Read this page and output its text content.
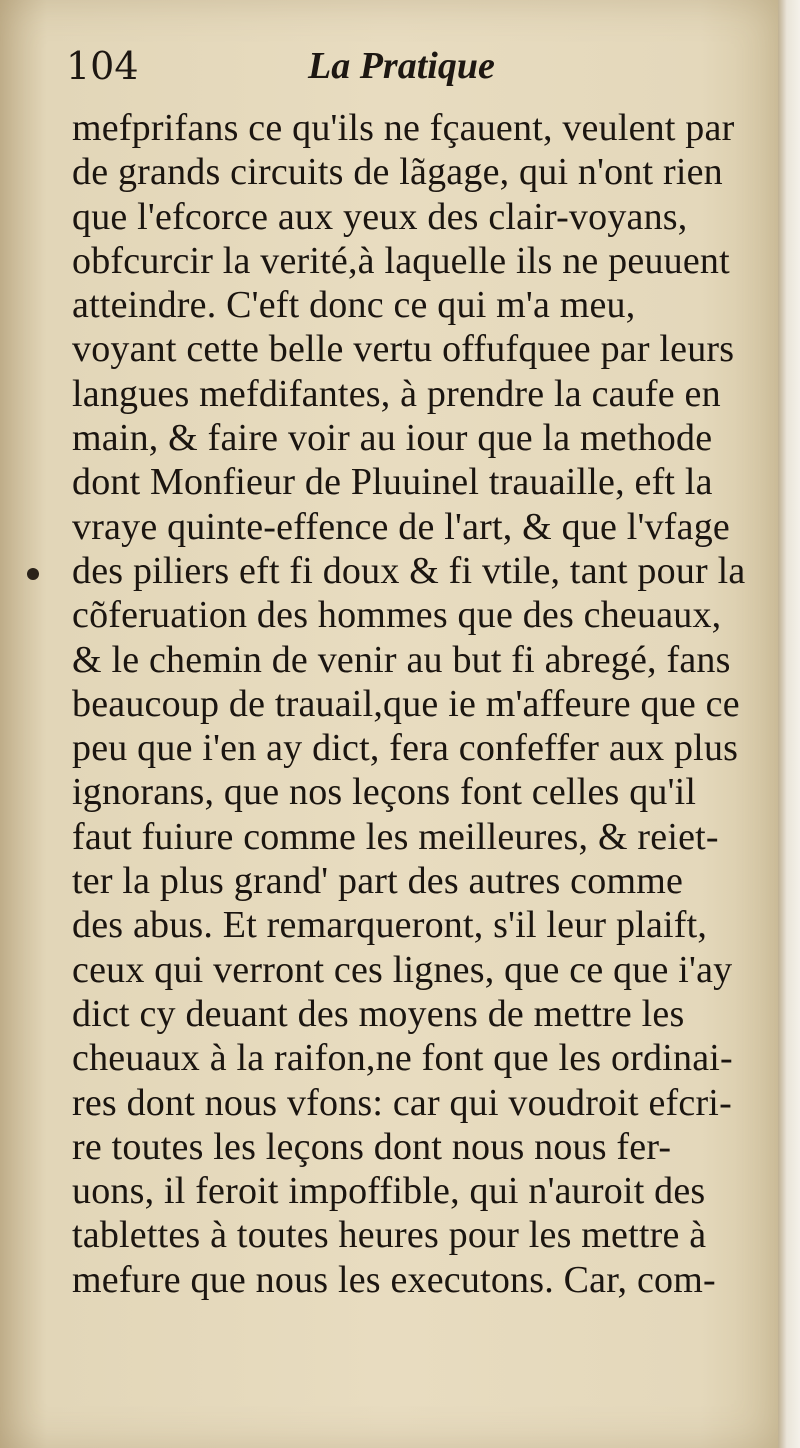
104	La Pratique
mefprifans ce qu'ils ne fçauent, veulent par
de grands circuits de lãgage, qui n'ont rien
que l'efcorce aux yeux des clair-voyans,
obfcurcir la verité,à laquelle ils ne peuuent
atteindre. C'eft donc ce qui m'a meu,
voyant cette belle vertu offufquee par leurs
langues mefdifantes, à prendre la caufe en
main, & faire voir au iour que la methode
dont Monfieur de Pluuinel trauaille, eft la
vraye quinte-effence de l'art, & que l'vfage
des piliers eft fi doux & fi vtile, tant pour la
cõferuation des hommes que des cheuaux,
& le chemin de venir au but fi abregé, fans
beaucoup de trauail,que ie m'affeure que ce
peu que i'en ay dict, fera confeffer aux plus
ignorans, que nos leçons font celles qu'il
faut fuiure comme les meilleures, & reiet-
ter la plus grand' part des autres comme
des abus. Et remarqueront, s'il leur plaift,
ceux qui verront ces lignes, que ce que i'ay
dict cy deuant des moyens de mettre les
cheuaux à la raifon,ne font que les ordinai-
res dont nous vfons: car qui voudroit efcri-
re toutes les leçons dont nous nous fer-
uons, il feroit impoffible, qui n'auroit des
tablettes à toutes heures pour les mettre à
mefure que nous les executons. Car, com-
